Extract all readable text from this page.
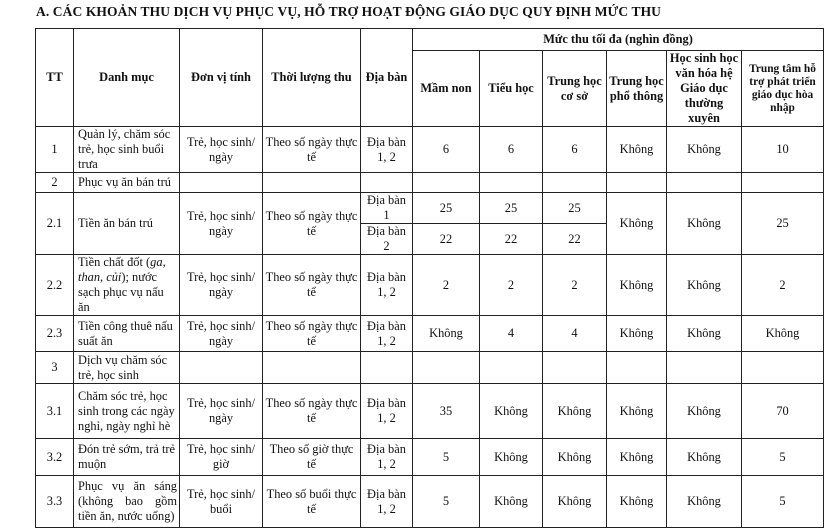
A. CÁC KHOẢN THU DỊCH VỤ PHỤC VỤ, HỖ TRỢ HOẠT ĐỘNG GIÁO DỤC QUY ĐỊNH MỨC THU
TT	Danh mục	Đơn vị tính	Thời lượng thu	Địa bàn	Mức thu tối đa (nghìn đồng)					
					Mầm non	Tiểu học	Trung học cơ sở	Trung học phổ thông	Học sinh học văn hóa hệ Giáo dục thường xuyên	Trung tâm hỗ trợ phát triển giáo dục hòa nhập
1	Quản lý, chăm sóc trẻ, học sinh buổi trưa	Trẻ, học sinh/ ngày	Theo số ngày thực tế	Địa bàn 1, 2	6	6	6	Không	Không	10
2	Phục vụ ăn bán trú									
2.1	Tiền ăn bán trú	Trẻ, học sinh/ ngày	Theo số ngày thực tế	Địa bàn 1	25	25	25	Không	Không	25
				Địa bàn 2	22	22	22			
2.2	Tiền chất đốt (ga, than, củi); nước sạch phục vụ nấu ăn	Trẻ, học sinh/ ngày	Theo số ngày thực tế	Địa bàn 1, 2	2	2	2	Không	Không	2
2.3	Tiền công thuê nấu suất ăn	Trẻ, học sinh/ ngày	Theo số ngày thực tế	Địa bàn 1, 2	Không	4	4	Không	Không	Không
3	Dịch vụ chăm sóc trẻ, học sinh									
3.1	Chăm sóc trẻ, học sinh trong các ngày nghỉ, ngày nghỉ hè	Trẻ, học sinh/ ngày	Theo số ngày thực tế	Địa bàn 1, 2	35	Không	Không	Không	Không	70
3.2	Đón trẻ sớm, trả trẻ muộn	Trẻ, học sinh/ giờ	Theo số giờ thực tế	Địa bàn 1, 2	5	Không	Không	Không	Không	5
3.3	Phục vụ ăn sáng (không bao gồm tiền ăn, nước uống)	Trẻ, học sinh/ buổi	Theo số buổi thực tế	Địa bàn 1, 2	5	Không	Không	Không	Không	5
